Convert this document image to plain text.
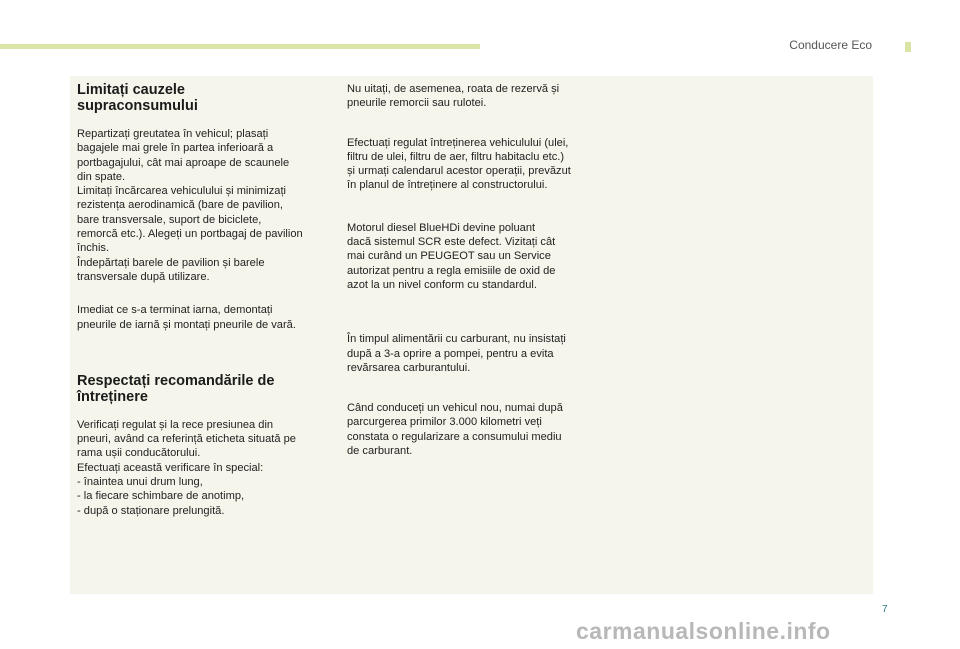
Conducere Eco
Limitați cauzele
supraconsumului
Repartizați greutatea în vehicul; plasați
bagajele mai grele în partea inferioară a
portbagajului, cât mai aproape de scaunele
din spate.
Limitați încărcarea vehiculului și minimizați
rezistența aerodinamică (bare de pavilion,
bare transversale, suport de biciclete,
remorcă etc.). Alegeți un portbagaj de pavilion
închis.
Îndepărtați barele de pavilion și barele
transversale după utilizare.
Imediat ce s-a terminat iarna, demontați
pneurile de iarnă și montați pneurile de vară.
Respectați recomandările de
întreținere
Verificați regulat și la rece presiunea din
pneuri, având ca referință eticheta situată pe
rama ușii conducătorului.
Efectuați această verificare în special:
- înaintea unui drum lung,
- la fiecare schimbare de anotimp,
- după o staționare prelungită.
Nu uitați, de asemenea, roata de rezervă și
pneurile remorcii sau rulotei.
Efectuați regulat întreținerea vehiculului (ulei,
filtru de ulei, filtru de aer, filtru habitaclu etc.)
și urmați calendarul acestor operații, prevăzut
în planul de întreținere al constructorului.
Motorul diesel BlueHDi devine poluant
dacă sistemul SCR este defect. Vizitați cât
mai curând un PEUGEOT sau un Service
autorizat pentru a regla emisiile de oxid de
azot la un nivel conform cu standardul.
În timpul alimentării cu carburant, nu insistați
după a 3-a oprire a pompei, pentru a evita
revărsarea carburantului.
Când conduceți un vehicul nou, numai după
parcurgerea primilor 3.000 kilometri veți
constata o regularizare a consumului mediu
de carburant.
7
carmanualsonline.info
